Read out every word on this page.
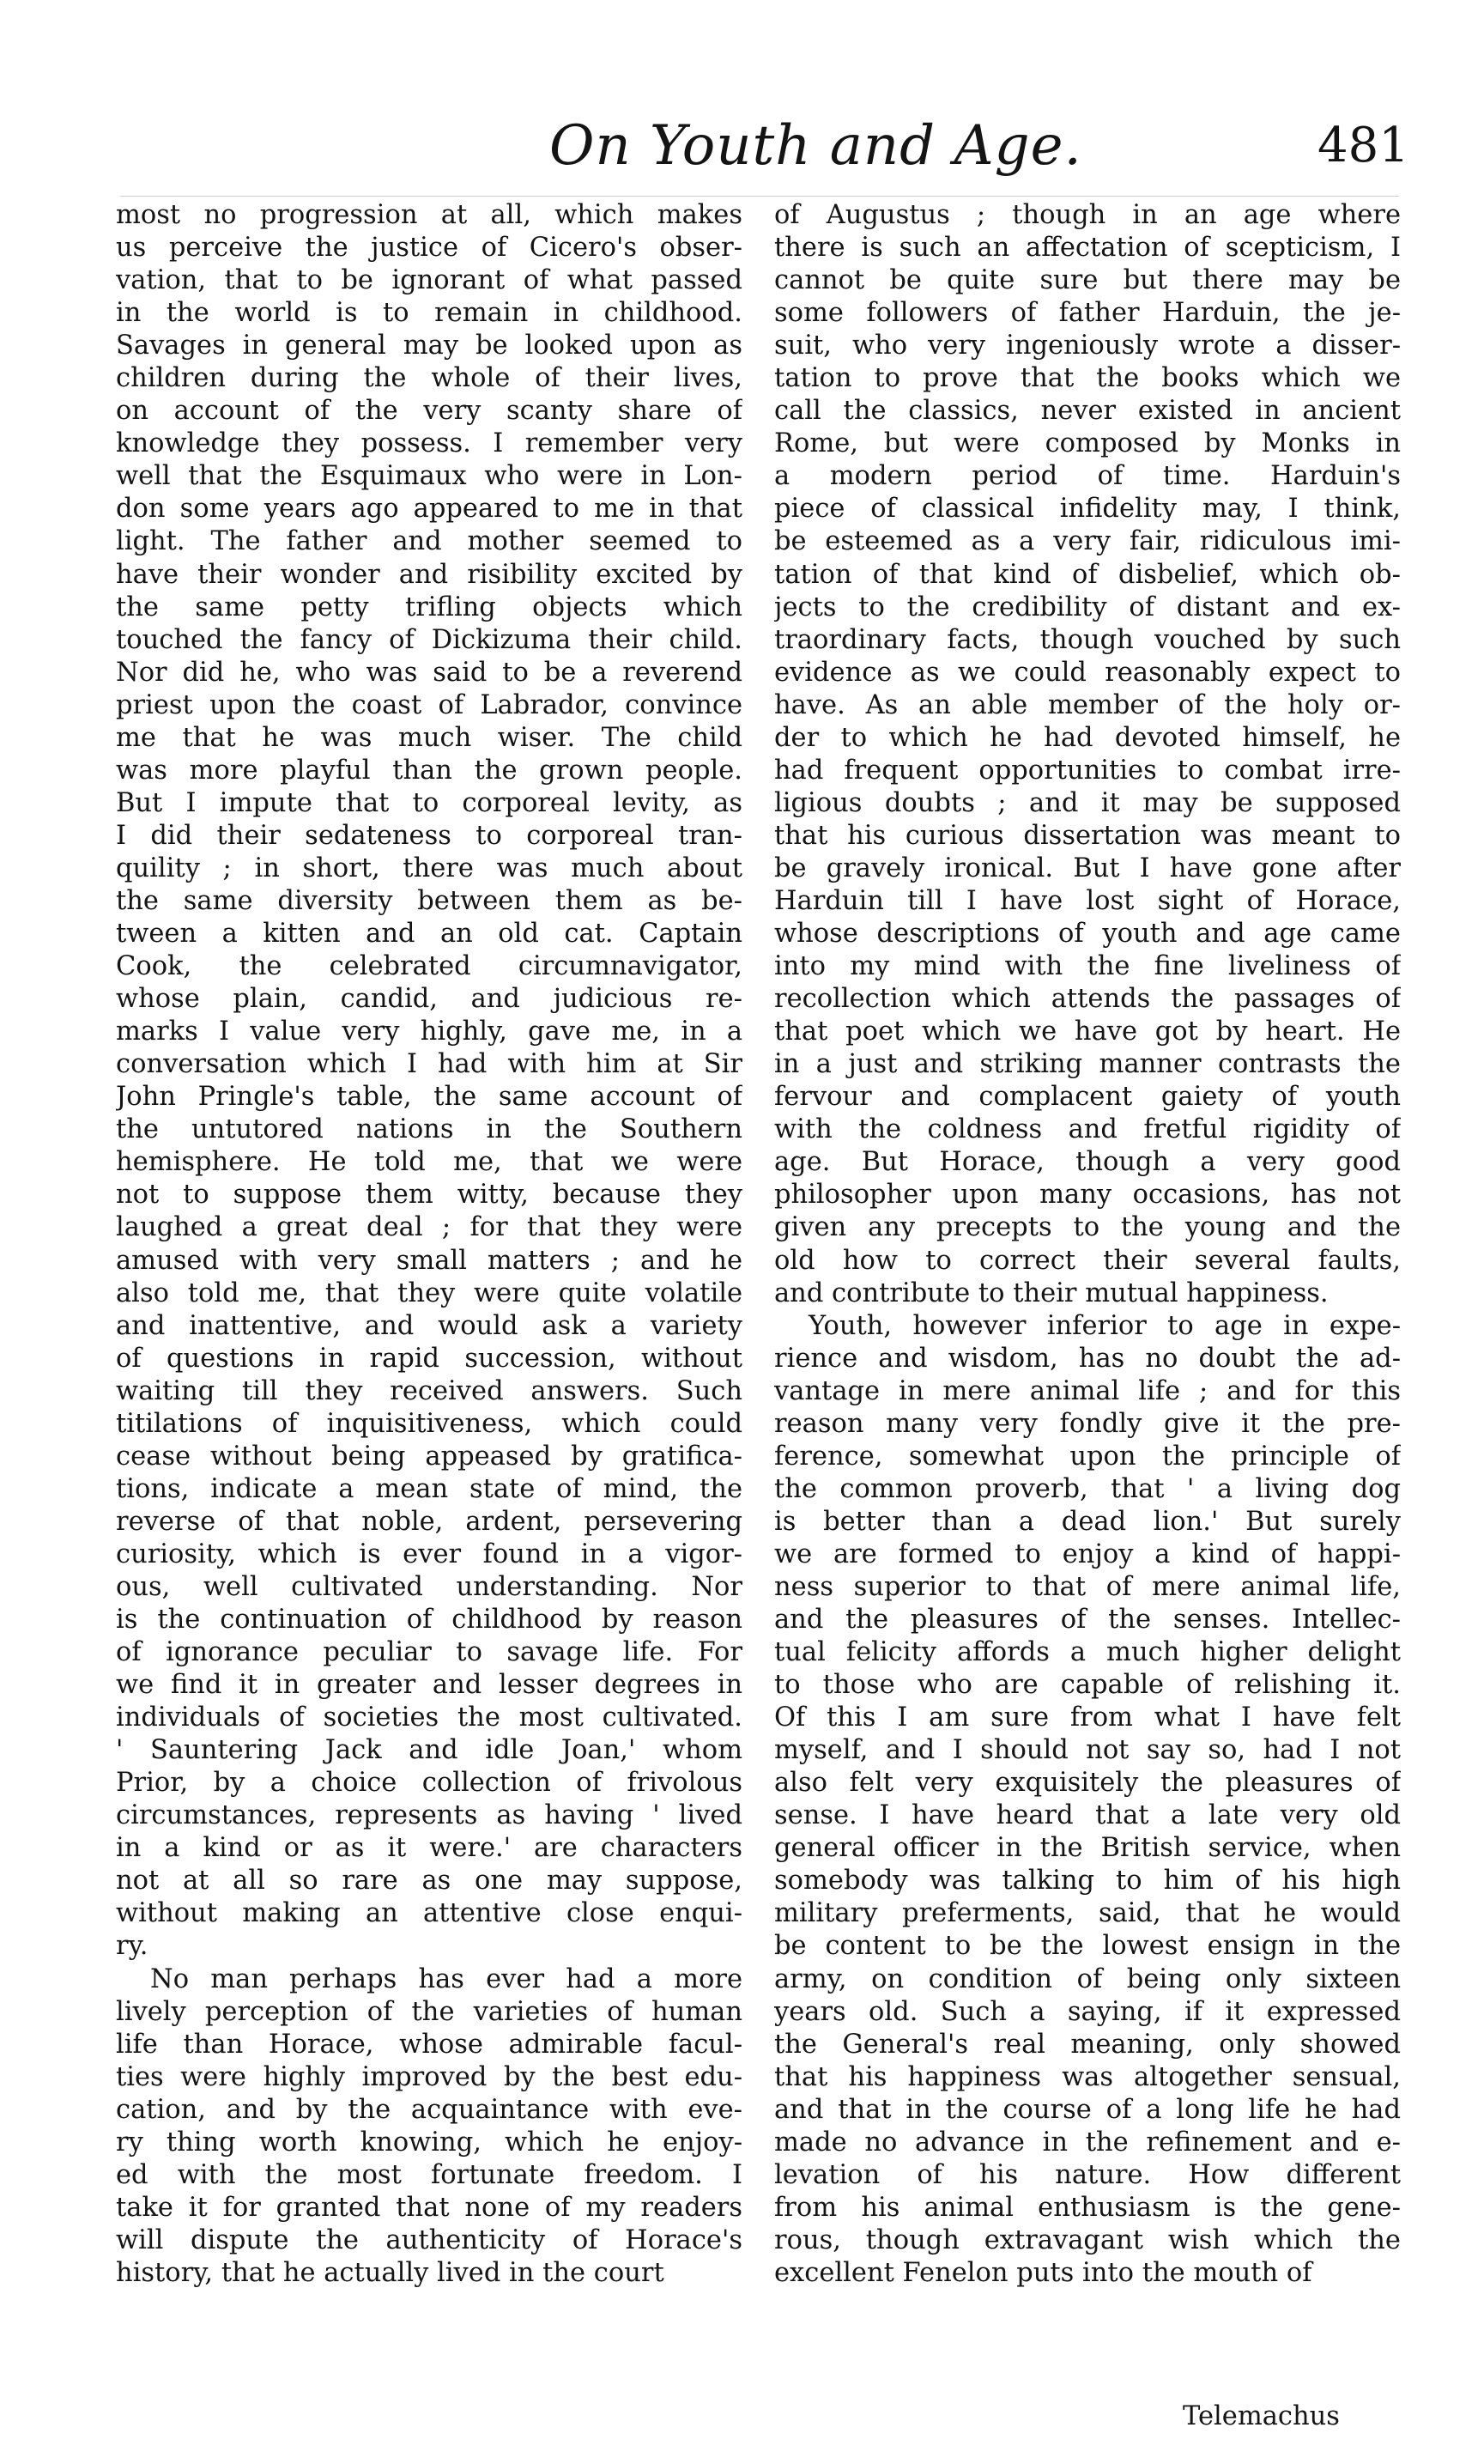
On Youth and Age.	481
most no progression at all, which makes
us perceive the justice of Cicero's obser-
vation, that to be ignorant of what passed
in the world is to remain in childhood.
Savages in general may be looked upon as
children during the whole of their lives,
on account of the very scanty share of
knowledge they possess. I remember very
well that the Esquimaux who were in Lon-
don some years ago appeared to me in that
light. The father and mother seemed to
have their wonder and risibility excited by
the same petty trifling objects which
touched the fancy of Dickizuma their child.
Nor did he, who was said to be a reverend
priest upon the coast of Labrador, convince
me that he was much wiser. The child
was more playful than the grown people.
But I impute that to corporeal levity, as
I did their sedateness to corporeal tran-
quility ; in short, there was much about
the same diversity between them as be-
tween a kitten and an old cat. Captain
Cook, the celebrated circumnavigator,
whose plain, candid, and judicious re-
marks I value very highly, gave me, in a
conversation which I had with him at Sir
John Pringle's table, the same account of
the untutored nations in the Southern
hemisphere. He told me, that we were
not to suppose them witty, because they
laughed a great deal ; for that they were
amused with very small matters ; and he
also told me, that they were quite volatile
and inattentive, and would ask a variety
of questions in rapid succession, without
waiting till they received answers. Such
titilations of inquisitiveness, which could
cease without being appeased by gratifica-
tions, indicate a mean state of mind, the
reverse of that noble, ardent, persevering
curiosity, which is ever found in a vigor-
ous, well cultivated understanding. Nor
is the continuation of childhood by reason
of ignorance peculiar to savage life. For
we find it in greater and lesser degrees in
individuals of societies the most cultivated.
' Sauntering Jack and idle Joan,' whom
Prior, by a choice collection of frivolous
circumstances, represents as having ' lived
in a kind or as it were.' are characters
not at all so rare as one may suppose,
without making an attentive close enqui-
ry.
No man perhaps has ever had a more
lively perception of the varieties of human
life than Horace, whose admirable facul-
ties were highly improved by the best edu-
cation, and by the acquaintance with eve-
ry thing worth knowing, which he enjoy-
ed with the most fortunate freedom. I
take it for granted that none of my readers
will dispute the authenticity of Horace's
history, that he actually lived in the court
of Augustus ; though in an age where
there is such an affectation of scepticism, I
cannot be quite sure but there may be
some followers of father Harduin, the je-
suit, who very ingeniously wrote a disser-
tation to prove that the books which we
call the classics, never existed in ancient
Rome, but were composed by Monks in
a modern period of time. Harduin's
piece of classical infidelity may, I think,
be esteemed as a very fair, ridiculous imi-
tation of that kind of disbelief, which ob-
jects to the credibility of distant and ex-
traordinary facts, though vouched by such
evidence as we could reasonably expect to
have. As an able member of the holy or-
der to which he had devoted himself, he
had frequent opportunities to combat irre-
ligious doubts ; and it may be supposed
that his curious dissertation was meant to
be gravely ironical. But I have gone after
Harduin till I have lost sight of Horace,
whose descriptions of youth and age came
into my mind with the fine liveliness of
recollection which attends the passages of
that poet which we have got by heart. He
in a just and striking manner contrasts the
fervour and complacent gaiety of youth
with the coldness and fretful rigidity of
age. But Horace, though a very good
philosopher upon many occasions, has not
given any precepts to the young and the
old how to correct their several faults,
and contribute to their mutual happiness.
Youth, however inferior to age in expe-
rience and wisdom, has no doubt the ad-
vantage in mere animal life ; and for this
reason many very fondly give it the pre-
ference, somewhat upon the principle of
the common proverb, that ' a living dog
is better than a dead lion.' But surely
we are formed to enjoy a kind of happi-
ness superior to that of mere animal life,
and the pleasures of the senses. Intellec-
tual felicity affords a much higher delight
to those who are capable of relishing it.
Of this I am sure from what I have felt
myself, and I should not say so, had I not
also felt very exquisitely the pleasures of
sense. I have heard that a late very old
general officer in the British service, when
somebody was talking to him of his high
military preferments, said, that he would
be content to be the lowest ensign in the
army, on condition of being only sixteen
years old. Such a saying, if it expressed
the General's real meaning, only showed
that his happiness was altogether sensual,
and that in the course of a long life he had
made no advance in the refinement and e-
levation of his nature. How different
from his animal enthusiasm is the gene-
rous, though extravagant wish which the
excellent Fenelon puts into the mouth of
Telemachus
